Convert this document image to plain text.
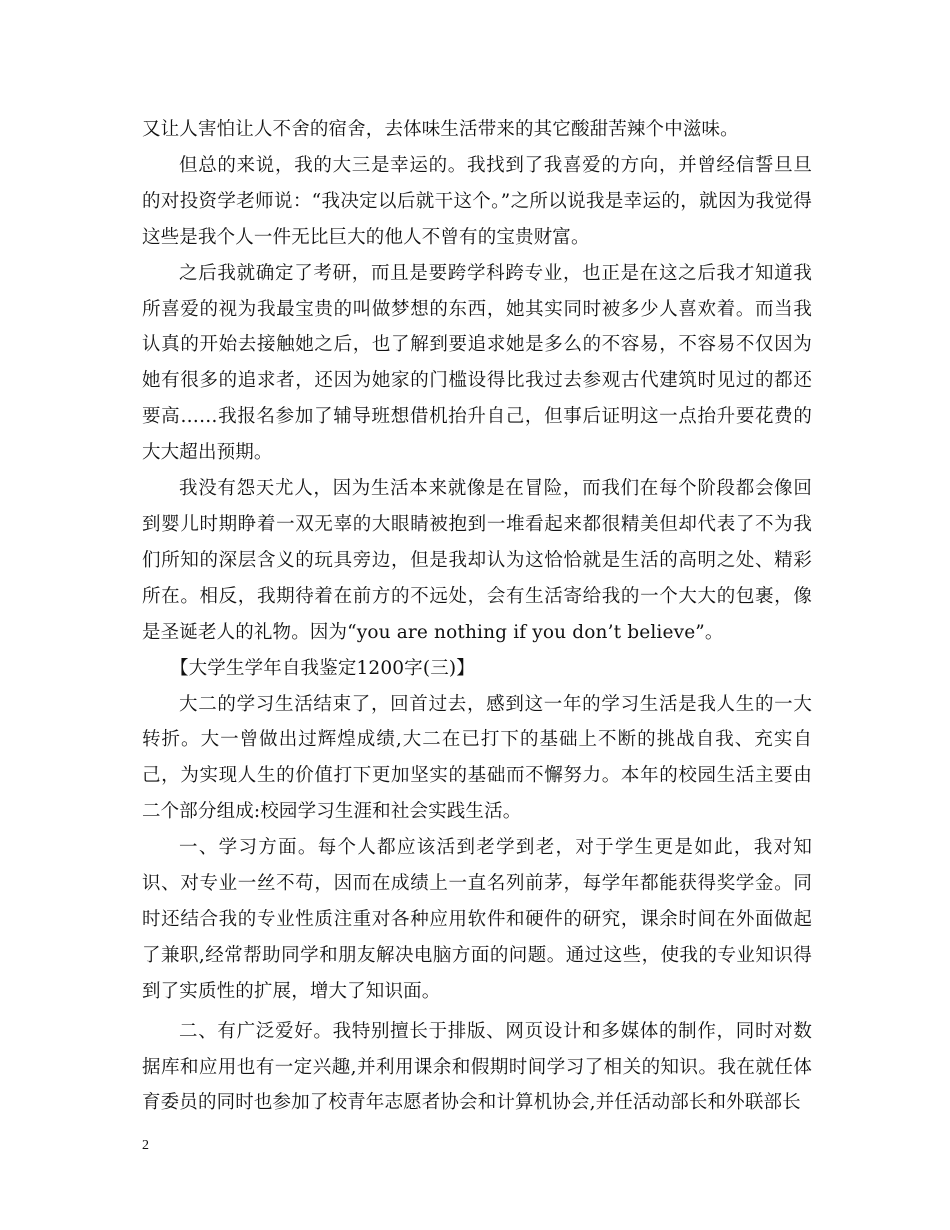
又让人害怕让人不舍的宿舍，去体味生活带来的其它酸甜苦辣个中滋味。

但总的来说，我的大三是幸运的。我找到了我喜爱的方向，并曾经信誓旦旦的对投资学老师说：“我决定以后就干这个。”之所以说我是幸运的，就因为我觉得这些是我个人一件无比巨大的他人不曾有的宝贵财富。

之后我就确定了考研，而且是要跨学科跨专业，也正是在这之后我才知道我所喜爱的视为我最宝贵的叫做梦想的东西，她其实同时被多少人喜欢着。而当我认真的开始去接触她之后，也了解到要追求她是多么的不容易，不容易不仅因为她有很多的追求者，还因为她家的门槛设得比我过去参观古代建筑时见过的都还要高……我报名参加了辅导班想借机抬升自己，但事后证明这一点抬升要花费的大大超出预期。

我没有怨天尤人，因为生活本来就像是在冒险，而我们在每个阶段都会像回到婴儿时期睁着一双无辜的大眼睛被抱到一堆看起来都很精美但却代表了不为我们所知的深层含义的玩具旁边，但是我却认为这恰恰就是生活的高明之处、精彩所在。相反，我期待着在前方的不远处，会有生活寄给我的一个大大的包裹，像是圣诞老人的礼物。因为“you are nothing if you don’t believe”。

【大学生学年自我鉴定1200字(三)】

大二的学习生活结束了，回首过去，感到这一年的学习生活是我人生的一大转折。大一曾做出过辉煌成绩,大二在已打下的基础上不断的挑战自我、充实自己，为实现人生的价值打下更加坚实的基础而不懈努力。本年的校园生活主要由二个部分组成:校园学习生涯和社会实践生活。

一、学习方面。每个人都应该活到老学到老，对于学生更是如此，我对知识、对专业一丝不苟，因而在成绩上一直名列前茅，每学年都能获得奖学金。同时还结合我的专业性质注重对各种应用软件和硬件的研究，课余时间在外面做起了兼职,经常帮助同学和朋友解决电脑方面的问题。通过这些，使我的专业知识得到了实质性的扩展，增大了知识面。

二、有广泛爱好。我特别擅长于排版、网页设计和多媒体的制作，同时对数据库和应用也有一定兴趣,并利用课余和假期时间学习了相关的知识。我在就任体育委员的同时也参加了校青年志愿者协会和计算机协会,并任活动部长和外联部长

2
